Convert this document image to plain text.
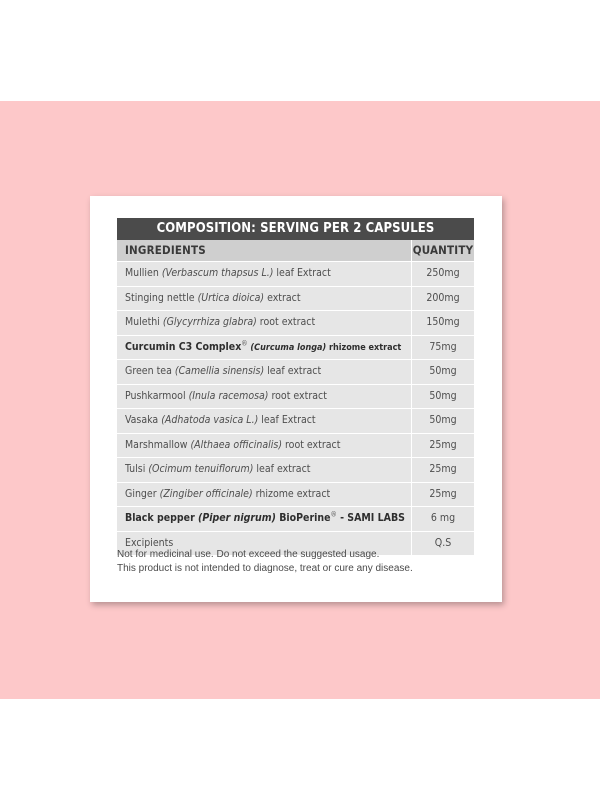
COMPOSITION: SERVING PER 2 CAPSULES
INGREDIENTS	QUANTITY
Mullien (Verbascum thapsus L.) leaf Extract	250mg
Stinging nettle (Urtica dioica) extract	200mg
Mulethi (Glycyrrhiza glabra) root extract	150mg
Curcumin C3 Complex® (Curcuma longa) rhizome extract	75mg
Green tea (Camellia sinensis) leaf extract	50mg
Pushkarmool (Inula racemosa) root extract	50mg
Vasaka (Adhatoda vasica L.) leaf Extract	50mg
Marshmallow (Althaea officinalis) root extract	25mg
Tulsi (Ocimum tenuiflorum) leaf extract	25mg
Ginger (Zingiber officinale) rhizome extract	25mg
Black pepper (Piper nigrum) BioPerine® - SAMI LABS	6 mg
Excipients	Q.S
Not for medicinal use. Do not exceed the suggested usage.
This product is not intended to diagnose, treat or cure any disease.
